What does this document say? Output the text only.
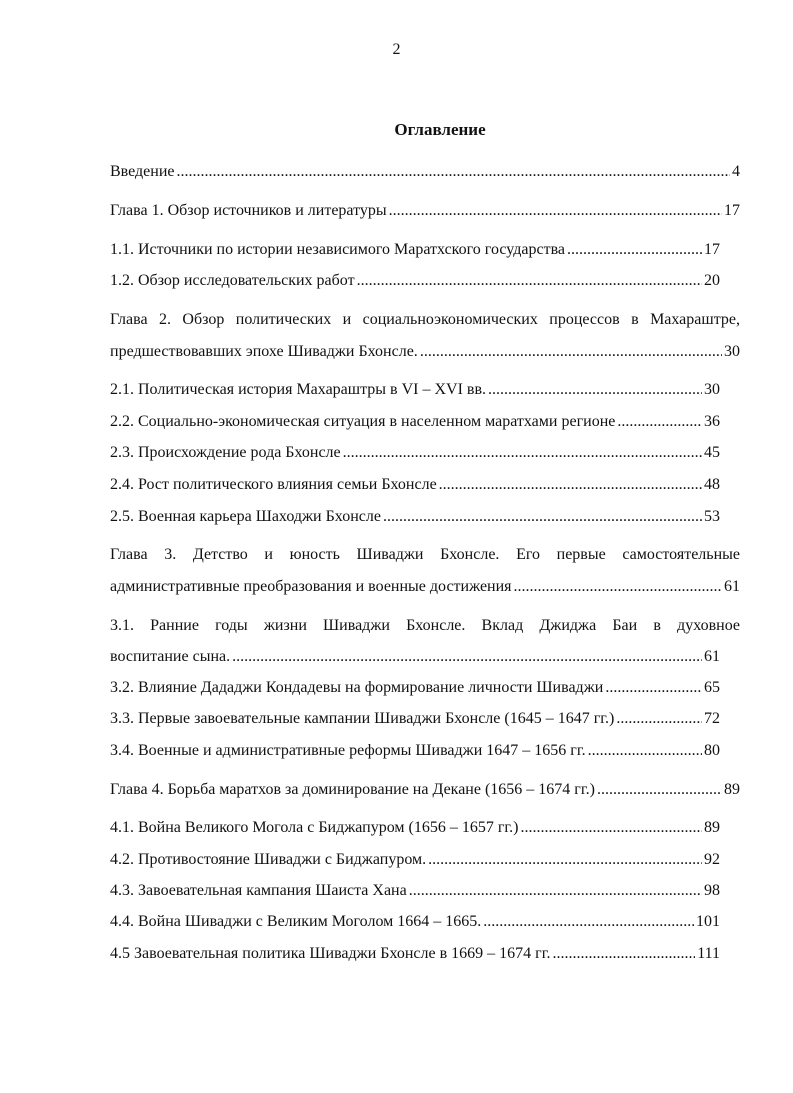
2
Оглавление
Введение .....	4
Глава 1. Обзор источников и литературы .....	17
1.1. Источники по истории независимого Маратхского государства .....	17
1.2. Обзор исследовательских работ .....	20
Глава 2. Обзор политических и социальноэкономических процессов в Махараштре,
предшествовавших эпохе Шиваджи Бхонсле. .....	30
2.1. Политическая история Махараштры в VI – XVI вв. .....	30
2.2. Социально-экономическая ситуация в населенном маратхами регионе .....	36
2.3. Происхождение рода Бхонсле .....	45
2.4. Рост политического влияния семьи Бхонсле .....	48
2.5. Военная карьера Шаходжи Бхонсле .....	53
Глава 3. Детство и юность Шиваджи Бхонсле. Его первые самостоятельные
административные преобразования и военные достижения .....	61
3.1. Ранние годы жизни Шиваджи Бхонсле. Вклад Джиджа Баи в духовное
воспитание сына. .....	61
3.2. Влияние Дададжи Кондадевы на формирование личности Шиваджи .....	65
3.3. Первые завоевательные кампании Шиваджи Бхонсле (1645 – 1647 гг.) .....	72
3.4. Военные и административные реформы Шиваджи 1647 – 1656 гг. .....	80
Глава 4. Борьба маратхов за доминирование на Декане (1656 – 1674 гг.) .....	89
4.1. Война Великого Могола с Биджапуром (1656 – 1657 гг.) .....	89
4.2. Противостояние Шиваджи с Биджапуром. .....	92
4.3. Завоевательная кампания Шаиста Хана .....	98
4.4. Война Шиваджи с Великим Моголом 1664 – 1665. .....	101
4.5 Завоевательная политика Шиваджи Бхонсле в 1669 – 1674 гг. .....	111
